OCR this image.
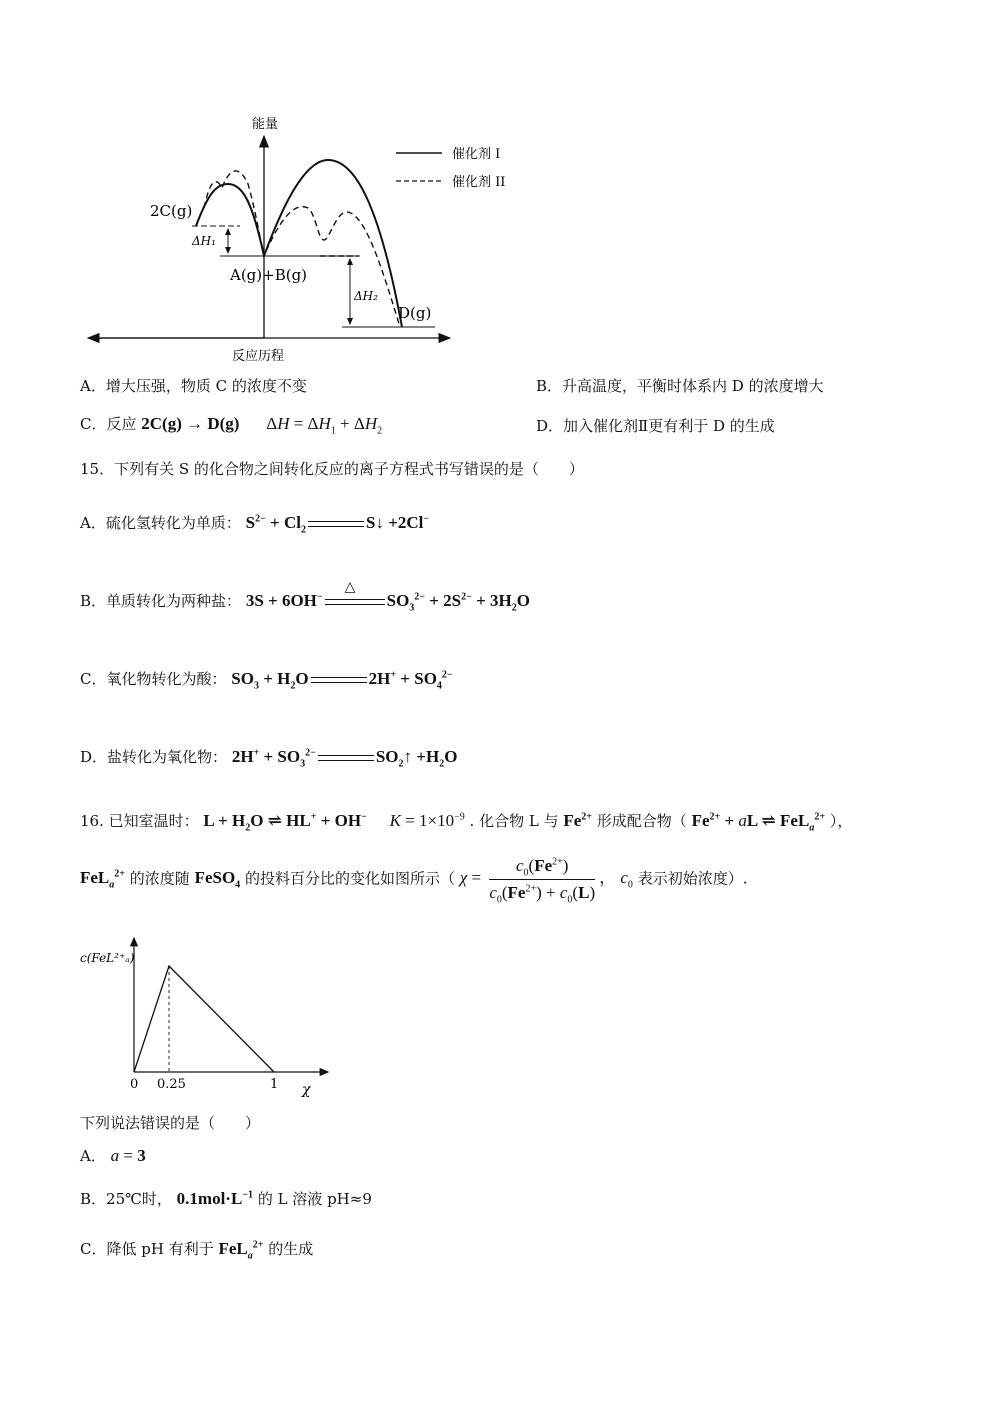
能量
反应历程
ΔH₁
ΔH₂
2C(g)
A(g)+B(g)
D(g)
催化剂 I
催化剂 II
A．增大压强，物质 C 的浓度不变	B．升高温度，平衡时体系内 D 的浓度增大
C．反应 2C(g) → D(g) $\Delta H = \Delta H_1 + \Delta H_2$	D．加入催化剂Ⅱ更有利于 D 的生成
15．下列有关 S 的化合物之间转化反应的离子方程式书写错误的是（　　）
A．硫化氢转化为单质： $S^{2-} + Cl_2$	S↓ +2Cl−
B．单质转化为两种盐： 3S + 6OH−
△
$SO_3^{2-} + 2S^{2-} + 3H_2O$
C．氧化物转化为酸： $SO_3 + H_2O$	$2H^+ + SO_4^{2-}$
D．盐转化为氧化物： $2H^+ + SO_3^{2-}$	$SO_2↑ +H_2O$
16. 已知室温时： $L + H_2O$ ⇌ HL+ + OH− $K = 1\times 10^{-9}$ . 化合物 L 与 $Fe^{2+}$ 形成配合物（ $Fe^{2+}$ + aL ⇌ FeL$_a^{2+}$ ），
FeL$_a^{2+}$ 的浓度随 FeSO$_4$ 的投料百分比的变化如图所示（ $\chi = \frac{c_0(Fe^{2+})}{c_0(Fe^{2+}) + c_0(L)}$ ， $c_0$ 表示初始浓度）.
c(FeL²⁺ₐ)
χ
0 0.25	1
下列说法错误的是（　　）
A． a = 3
B．25℃时， $0.1mol\cdot L^{-1}$ 的 L 溶液 pH≈9
C．降低 pH 有利于 FeL$_a^{2+}$ 的生成
